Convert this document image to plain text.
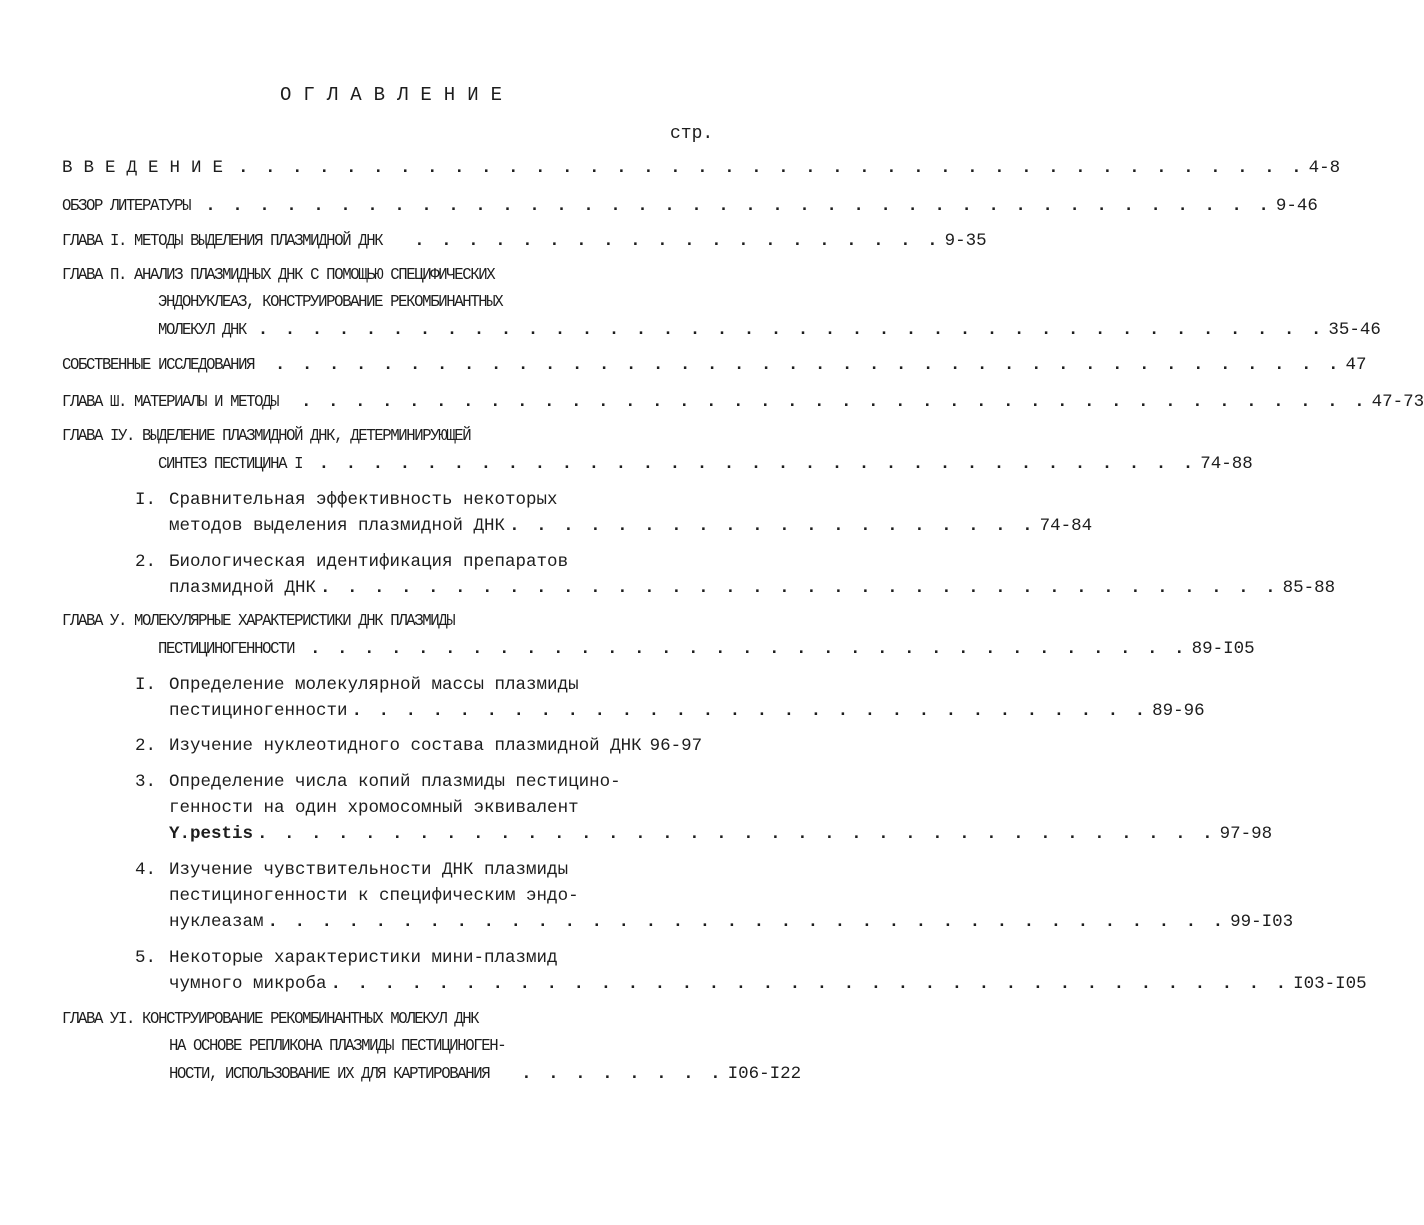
ОГЛАВЛЕНИЕ
стр.
ВВЕДЕНИЕ . . . . . . . . . . . . . . . . . . . . . . . . . . . . . . . . . . . . . . . . 4-8
ОБЗОР ЛИТЕРАТУРЫ . . . . . . . . . . . . . . . . . . . . . . . . . . . . . . . . . . . . . . . . 9-46
ГЛАВА I. МЕТОДЫ ВЫДЕЛЕНИЯ ПЛАЗМИДНОЙ ДНК . . . . . . . . . . . . . . . . . . . . 9-35
ГЛАВА П. АНАЛИЗ ПЛАЗМИДНЫХ ДНК С ПОМОЩЬЮ СПЕЦИФИЧЕСКИХ
ЭНДОНУКЛЕАЗ, КОНСТРУИРОВАНИЕ РЕКОМБИНАНТНЫХ
МОЛЕКУЛ ДНК . . . . . . . . . . . . . . . . . . . . . . . . . . . . . . . . . . . . . . . . 35-46
СОБСТВЕННЫЕ ИССЛЕДОВАНИЯ . . . . . . . . . . . . . . . . . . . . . . . . . . . . . . . . . . . . . . . . 47
ГЛАВА Ш. МАТЕРИАЛЫ И МЕТОДЫ . . . . . . . . . . . . . . . . . . . . . . . . . . . . . . . . . . . . . . . . 47-73
ГЛАВА IУ. ВЫДЕЛЕНИЕ ПЛАЗМИДНОЙ ДНК, ДЕТЕРМИНИРУЮЩЕЙ
СИНТЕЗ ПЕСТИЦИНА I . . . . . . . . . . . . . . . . . . . . . . . . . . . . . . . . . 74-88
I. Сравнительная эффективность некоторых
методов выделения плазмидной ДНК . . . . . . . . . . . . . . . . . . . . 74-84
2. Биологическая идентификация препаратов
плазмидной ДНК . . . . . . . . . . . . . . . . . . . . . . . . . . . . . . . . . . . . 85-88
ГЛАВА У. МОЛЕКУЛЯРНЫЕ ХАРАКТЕРИСТИКИ ДНК ПЛАЗМИДЫ
ПЕСТИЦИНОГЕННОСТИ . . . . . . . . . . . . . . . . . . . . . . . . . . . . . . . . . 89-I05
I. Определение молекулярной массы плазмиды
пестициногенности . . . . . . . . . . . . . . . . . . . . . . . . . . . . . . 89-96
2. Изучение нуклеотидного состава плазмидной ДНК 96-97
3. Определение числа копий плазмиды пестицино-
генности на один хромосомный эквивалент
Y.pestis . . . . . . . . . . . . . . . . . . . . . . . . . . . . . . . . . . . . 97-98
4. Изучение чувствительности ДНК плазмиды
пестициногенности к специфическим эндо-
нуклеазам . . . . . . . . . . . . . . . . . . . . . . . . . . . . . . . . . . . . 99-I03
5. Некоторые характеристики мини-плазмид
чумного микроба . . . . . . . . . . . . . . . . . . . . . . . . . . . . . . . . . . . . I03-I05
ГЛАВА УI. КОНСТРУИРОВАНИЕ РЕКОМБИНАНТНЫХ МОЛЕКУЛ ДНК
НА ОСНОВЕ РЕПЛИКОНА ПЛАЗМИДЫ ПЕСТИЦИНОГЕН-
НОСТИ, ИСПОЛЬЗОВАНИЕ ИХ ДЛЯ КАРТИРОВАНИЯ . . . . . . . . I06-I22
